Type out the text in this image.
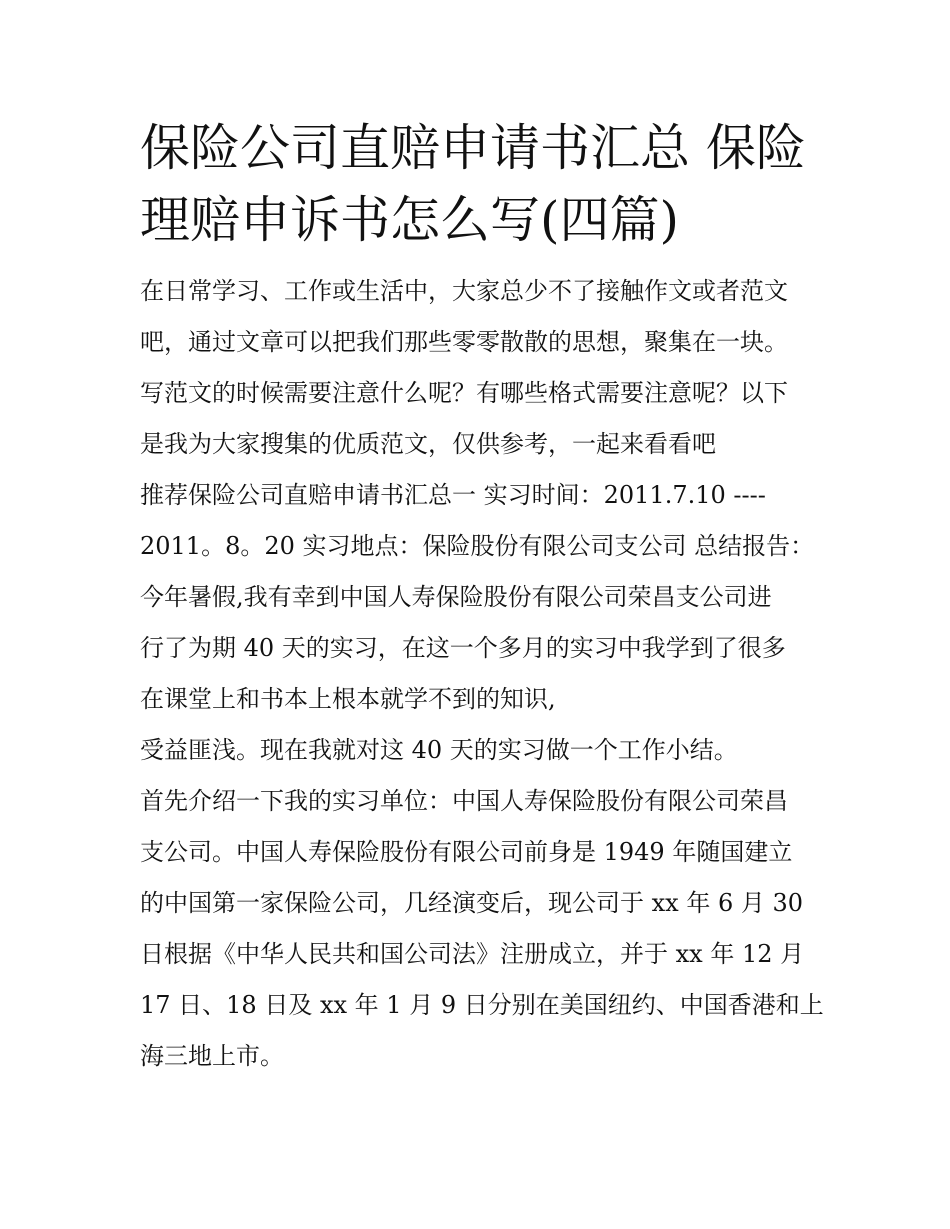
保险公司直赔申请书汇总 保险
理赔申诉书怎么写(四篇)
在日常学习、工作或生活中，大家总少不了接触作文或者范文
吧，通过文章可以把我们那些零零散散的思想，聚集在一块。
写范文的时候需要注意什么呢？有哪些格式需要注意呢？以下
是我为大家搜集的优质范文，仅供参考，一起来看看吧
推荐保险公司直赔申请书汇总一 实习时间：2011.7.10 ----
2011。8。20 实习地点：保险股份有限公司支公司 总结报告：
今年暑假,我有幸到中国人寿保险股份有限公司荣昌支公司进
行了为期 40 天的实习，在这一个多月的实习中我学到了很多
在课堂上和书本上根本就学不到的知识,
受益匪浅。现在我就对这 40 天的实习做一个工作小结。
首先介绍一下我的实习单位：中国人寿保险股份有限公司荣昌
支公司。中国人寿保险股份有限公司前身是 1949 年随国建立
的中国第一家保险公司，几经演变后，现公司于 xx 年 6 月 30
日根据《中华人民共和国公司法》注册成立，并于 xx 年 12 月
17 日、18 日及 xx 年 1 月 9 日分别在美国纽约、中国香港和上
海三地上市。
